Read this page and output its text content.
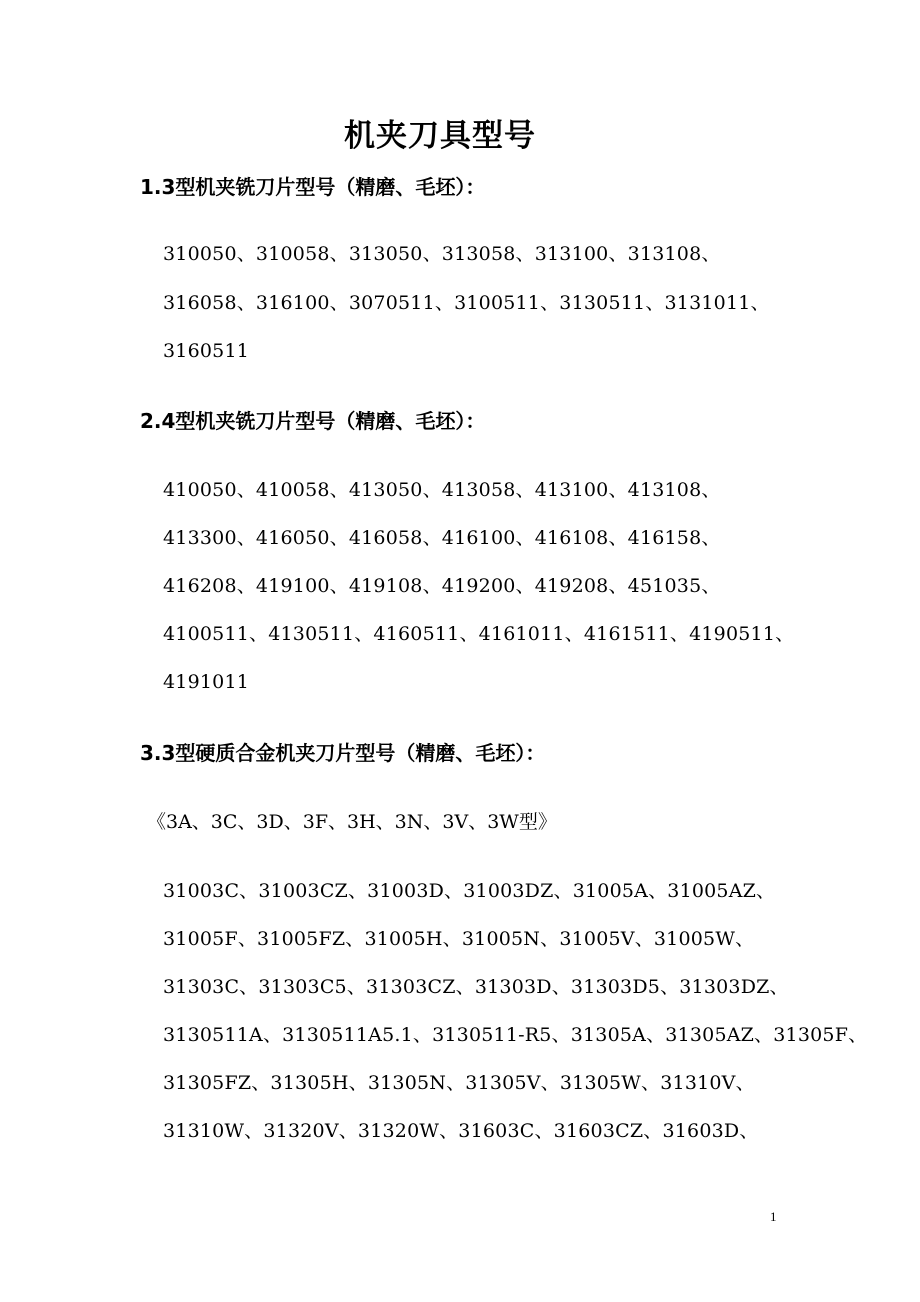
机夹刀具型号
1.3型机夹铣刀片型号（精磨、毛坯）：
310050、310058、313050、313058、313100、313108、
316058、316100、3070511、3100511、3130511、3131011、
3160511
2.4型机夹铣刀片型号（精磨、毛坯）：
410050、410058、413050、413058、413100、413108、
413300、416050、416058、416100、416108、416158、
416208、419100、419108、419200、419208、451035、
4100511、4130511、4160511、4161011、4161511、4190511、
4191011
3.3型硬质合金机夹刀片型号（精磨、毛坯）：
《3A、3C、3D、3F、3H、3N、3V、3W型》
31003C、31003CZ、31003D、31003DZ、31005A、31005AZ、
31005F、31005FZ、31005H、31005N、31005V、31005W、
31303C、31303C5、31303CZ、31303D、31303D5、31303DZ、
3130511A、3130511A5.1、3130511-R5、31305A、31305AZ、31305F、
31305FZ、31305H、31305N、31305V、31305W、31310V、
31310W、31320V、31320W、31603C、31603CZ、31603D、
1
